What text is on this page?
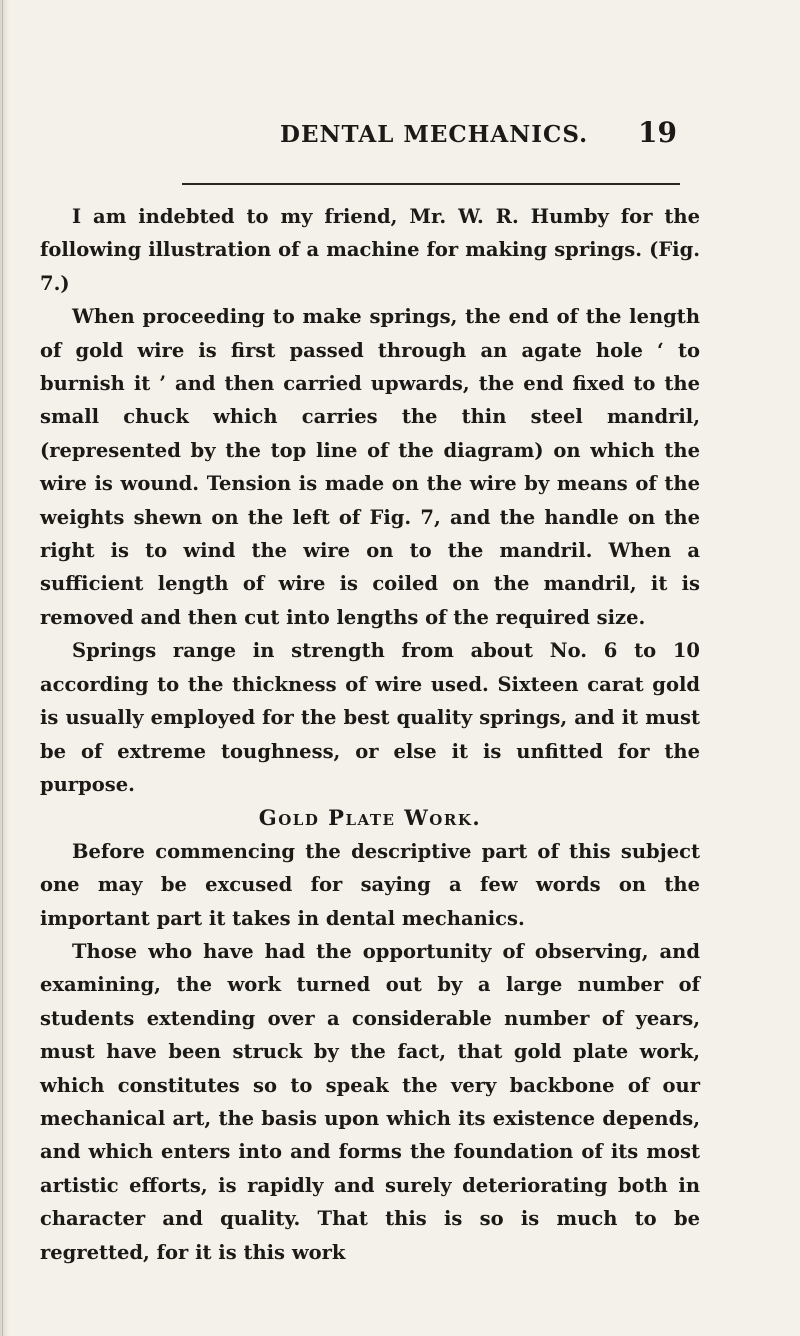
DENTAL MECHANICS. 19

I am indebted to my friend, Mr. W. R. Humby for the following illustration of a machine for making springs. (Fig. 7.)

When proceeding to make springs, the end of the length of gold wire is first passed through an agate hole ‘ to burnish it ’ and then carried upwards, the end fixed to the small chuck which carries the thin steel mandril, (represented by the top line of the diagram) on which the wire is wound. Tension is made on the wire by means of the weights shewn on the left of Fig. 7, and the handle on the right is to wind the wire on to the mandril. When a sufficient length of wire is coiled on the mandril, it is removed and then cut into lengths of the required size.

Springs range in strength from about No. 6 to 10 according to the thickness of wire used. Sixteen carat gold is usually employed for the best quality springs, and it must be of extreme toughness, or else it is unfitted for the purpose.

Gold Plate Work.

Before commencing the descriptive part of this subject one may be excused for saying a few words on the important part it takes in dental mechanics.

Those who have had the opportunity of observing, and examining, the work turned out by a large number of students extending over a considerable number of years, must have been struck by the fact, that gold plate work, which constitutes so to speak the very backbone of our mechanical art, the basis upon which its existence depends, and which enters into and forms the foundation of its most artistic efforts, is rapidly and surely deteriorating both in character and quality. That this is so is much to be regretted, for it is this work
